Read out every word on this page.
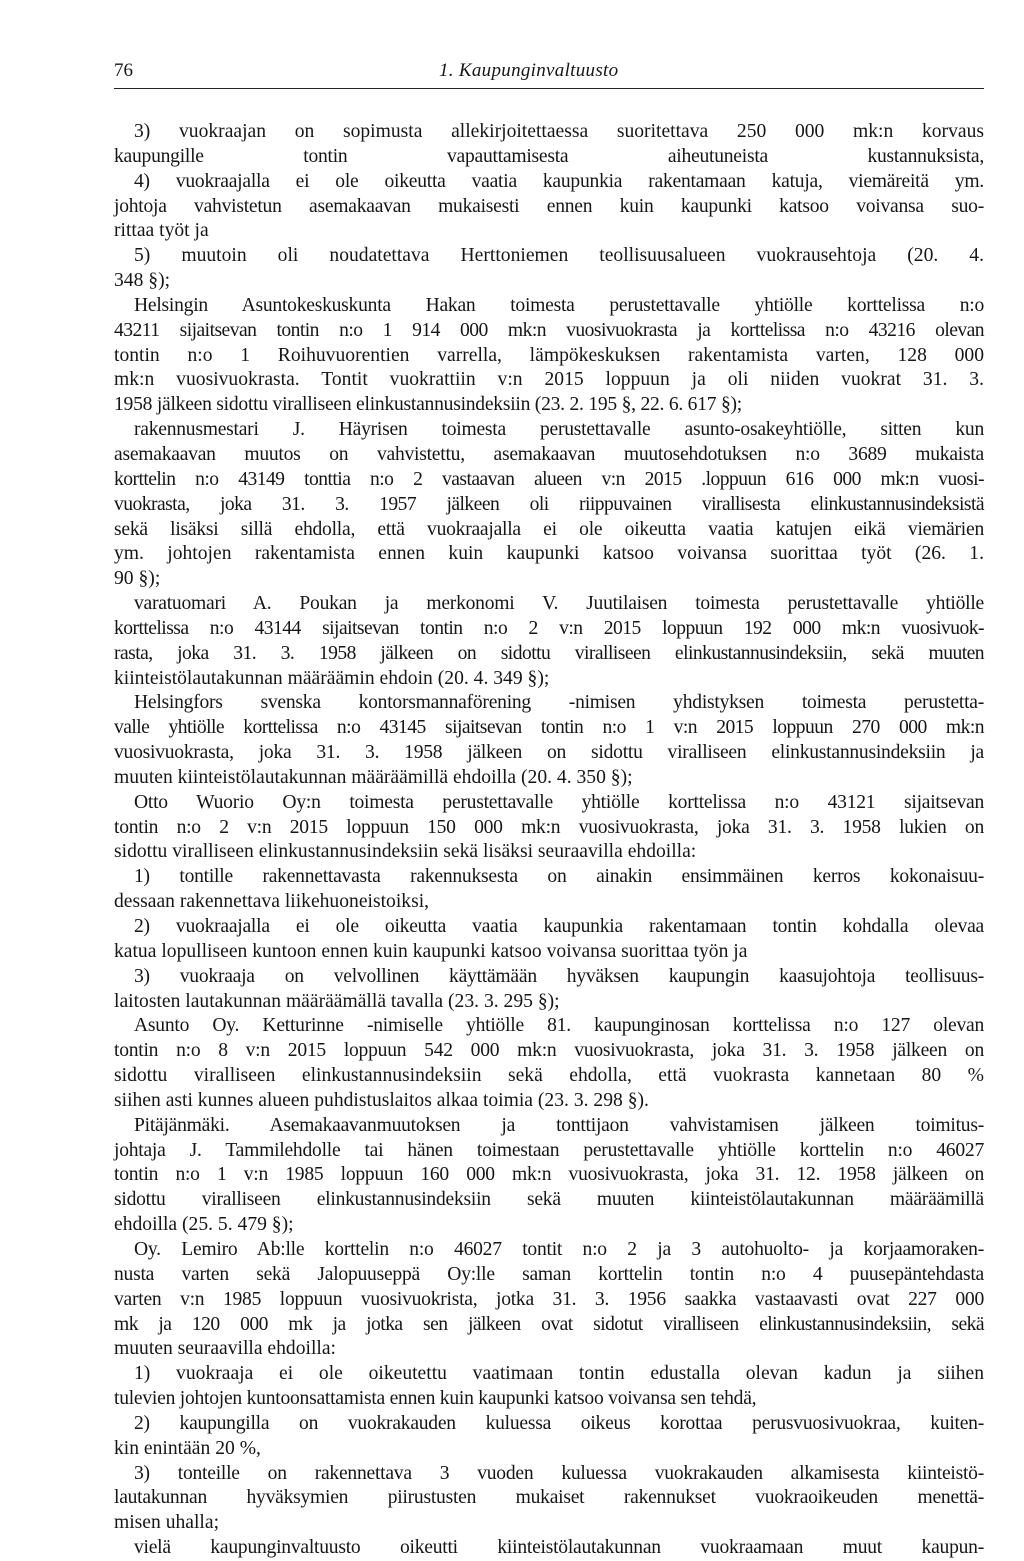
76	1. Kaupunginvaltuusto
3) vuokraajan on sopimusta allekirjoitettaessa suoritettava 250 000 mk:n korvaus
kaupungille tontin vapauttamisesta aiheutuneista kustannuksista,
4) vuokraajalla ei ole oikeutta vaatia kaupunkia rakentamaan katuja, viemäreitä ym.
johtoja vahvistetun asemakaavan mukaisesti ennen kuin kaupunki katsoo voivansa suo-
rittaa työt ja
5) muutoin oli noudatettava Herttoniemen teollisuusalueen vuokrausehtoja (20. 4.
348 §);
Helsingin Asuntokeskuskunta Hakan toimesta perustettavalle yhtiölle korttelissa n:o
43211 sijaitsevan tontin n:o 1 914 000 mk:n vuosivuokrasta ja korttelissa n:o 43216 olevan
tontin n:o 1 Roihuvuorentien varrella, lämpökeskuksen rakentamista varten, 128 000
mk:n vuosivuokrasta. Tontit vuokrattiin v:n 2015 loppuun ja oli niiden vuokrat 31. 3.
1958 jälkeen sidottu viralliseen elinkustannusindeksiin (23. 2. 195 §, 22. 6. 617 §);
rakennusmestari J. Häyrisen toimesta perustettavalle asunto-osakeyhtiölle, sitten kun
asemakaavan muutos on vahvistettu, asemakaavan muutosehdotuksen n:o 3689 mukaista
korttelin n:o 43149 tonttia n:o 2 vastaavan alueen v:n 2015 .loppuun 616 000 mk:n vuosi-
vuokrasta, joka 31. 3. 1957 jälkeen oli riippuvainen virallisesta elinkustannusindeksistä
sekä lisäksi sillä ehdolla, että vuokraajalla ei ole oikeutta vaatia katujen eikä viemärien
ym. johtojen rakentamista ennen kuin kaupunki katsoo voivansa suorittaa työt (26. 1.
90 §);
varatuomari A. Poukan ja merkonomi V. Juutilaisen toimesta perustettavalle yhtiölle
korttelissa n:o 43144 sijaitsevan tontin n:o 2 v:n 2015 loppuun 192 000 mk:n vuosivuok-
rasta, joka 31. 3. 1958 jälkeen on sidottu viralliseen elinkustannusindeksiin, sekä muuten
kiinteistölautakunnan määräämin ehdoin (20. 4. 349 §);
Helsingfors svenska kontorsmannaförening -nimisen yhdistyksen toimesta perustetta-
valle yhtiölle korttelissa n:o 43145 sijaitsevan tontin n:o 1 v:n 2015 loppuun 270 000 mk:n
vuosivuokrasta, joka 31. 3. 1958 jälkeen on sidottu viralliseen elinkustannusindeksiin ja
muuten kiinteistölautakunnan määräämillä ehdoilla (20. 4. 350 §);
Otto Wuorio Oy:n toimesta perustettavalle yhtiölle korttelissa n:o 43121 sijaitsevan
tontin n:o 2 v:n 2015 loppuun 150 000 mk:n vuosivuokrasta, joka 31. 3. 1958 lukien on
sidottu viralliseen elinkustannusindeksiin sekä lisäksi seuraavilla ehdoilla:
1) tontille rakennettavasta rakennuksesta on ainakin ensimmäinen kerros kokonaisuu-
dessaan rakennettava liikehuoneistoiksi,
2) vuokraajalla ei ole oikeutta vaatia kaupunkia rakentamaan tontin kohdalla olevaa
katua lopulliseen kuntoon ennen kuin kaupunki katsoo voivansa suorittaa työn ja
3) vuokraaja on velvollinen käyttämään hyväksen kaupungin kaasujohtoja teollisuus-
laitosten lautakunnan määräämällä tavalla (23. 3. 295 §);
Asunto Oy. Ketturinne -nimiselle yhtiölle 81. kaupunginosan korttelissa n:o 127 olevan
tontin n:o 8 v:n 2015 loppuun 542 000 mk:n vuosivuokrasta, joka 31. 3. 1958 jälkeen on
sidottu viralliseen elinkustannusindeksiin sekä ehdolla, että vuokrasta kannetaan 80 %
siihen asti kunnes alueen puhdistuslaitos alkaa toimia (23. 3. 298 §).
Pitäjänmäki. Asemakaavanmuutoksen ja tonttijaon vahvistamisen jälkeen toimitus-
johtaja J. Tammilehdolle tai hänen toimestaan perustettavalle yhtiölle korttelin n:o 46027
tontin n:o 1 v:n 1985 loppuun 160 000 mk:n vuosivuokrasta, joka 31. 12. 1958 jälkeen on
sidottu viralliseen elinkustannusindeksiin sekä muuten kiinteistölautakunnan määräämillä
ehdoilla (25. 5. 479 §);
Oy. Lemiro Ab:lle korttelin n:o 46027 tontit n:o 2 ja 3 autohuolto- ja korjaamoraken-
nusta varten sekä Jalopuuseppä Oy:lle saman korttelin tontin n:o 4 puusepäntehdasta
varten v:n 1985 loppuun vuosivuokrista, jotka 31. 3. 1956 saakka vastaavasti ovat 227 000
mk ja 120 000 mk ja jotka sen jälkeen ovat sidotut viralliseen elinkustannusindeksiin, sekä
muuten seuraavilla ehdoilla:
1) vuokraaja ei ole oikeutettu vaatimaan tontin edustalla olevan kadun ja siihen
tulevien johtojen kuntoonsattamista ennen kuin kaupunki katsoo voivansa sen tehdä,
2) kaupungilla on vuokrakauden kuluessa oikeus korottaa perusvuosivuokraa, kuiten-
kin enintään 20 %,
3) tonteille on rakennettava 3 vuoden kuluessa vuokrakauden alkamisesta kiinteistö-
lautakunnan hyväksymien piirustusten mukaiset rakennukset vuokraoikeuden menettä-
misen uhalla;
vielä kaupunginvaltuusto oikeutti kiinteistölautakunnan vuokraamaan muut kaupun-
